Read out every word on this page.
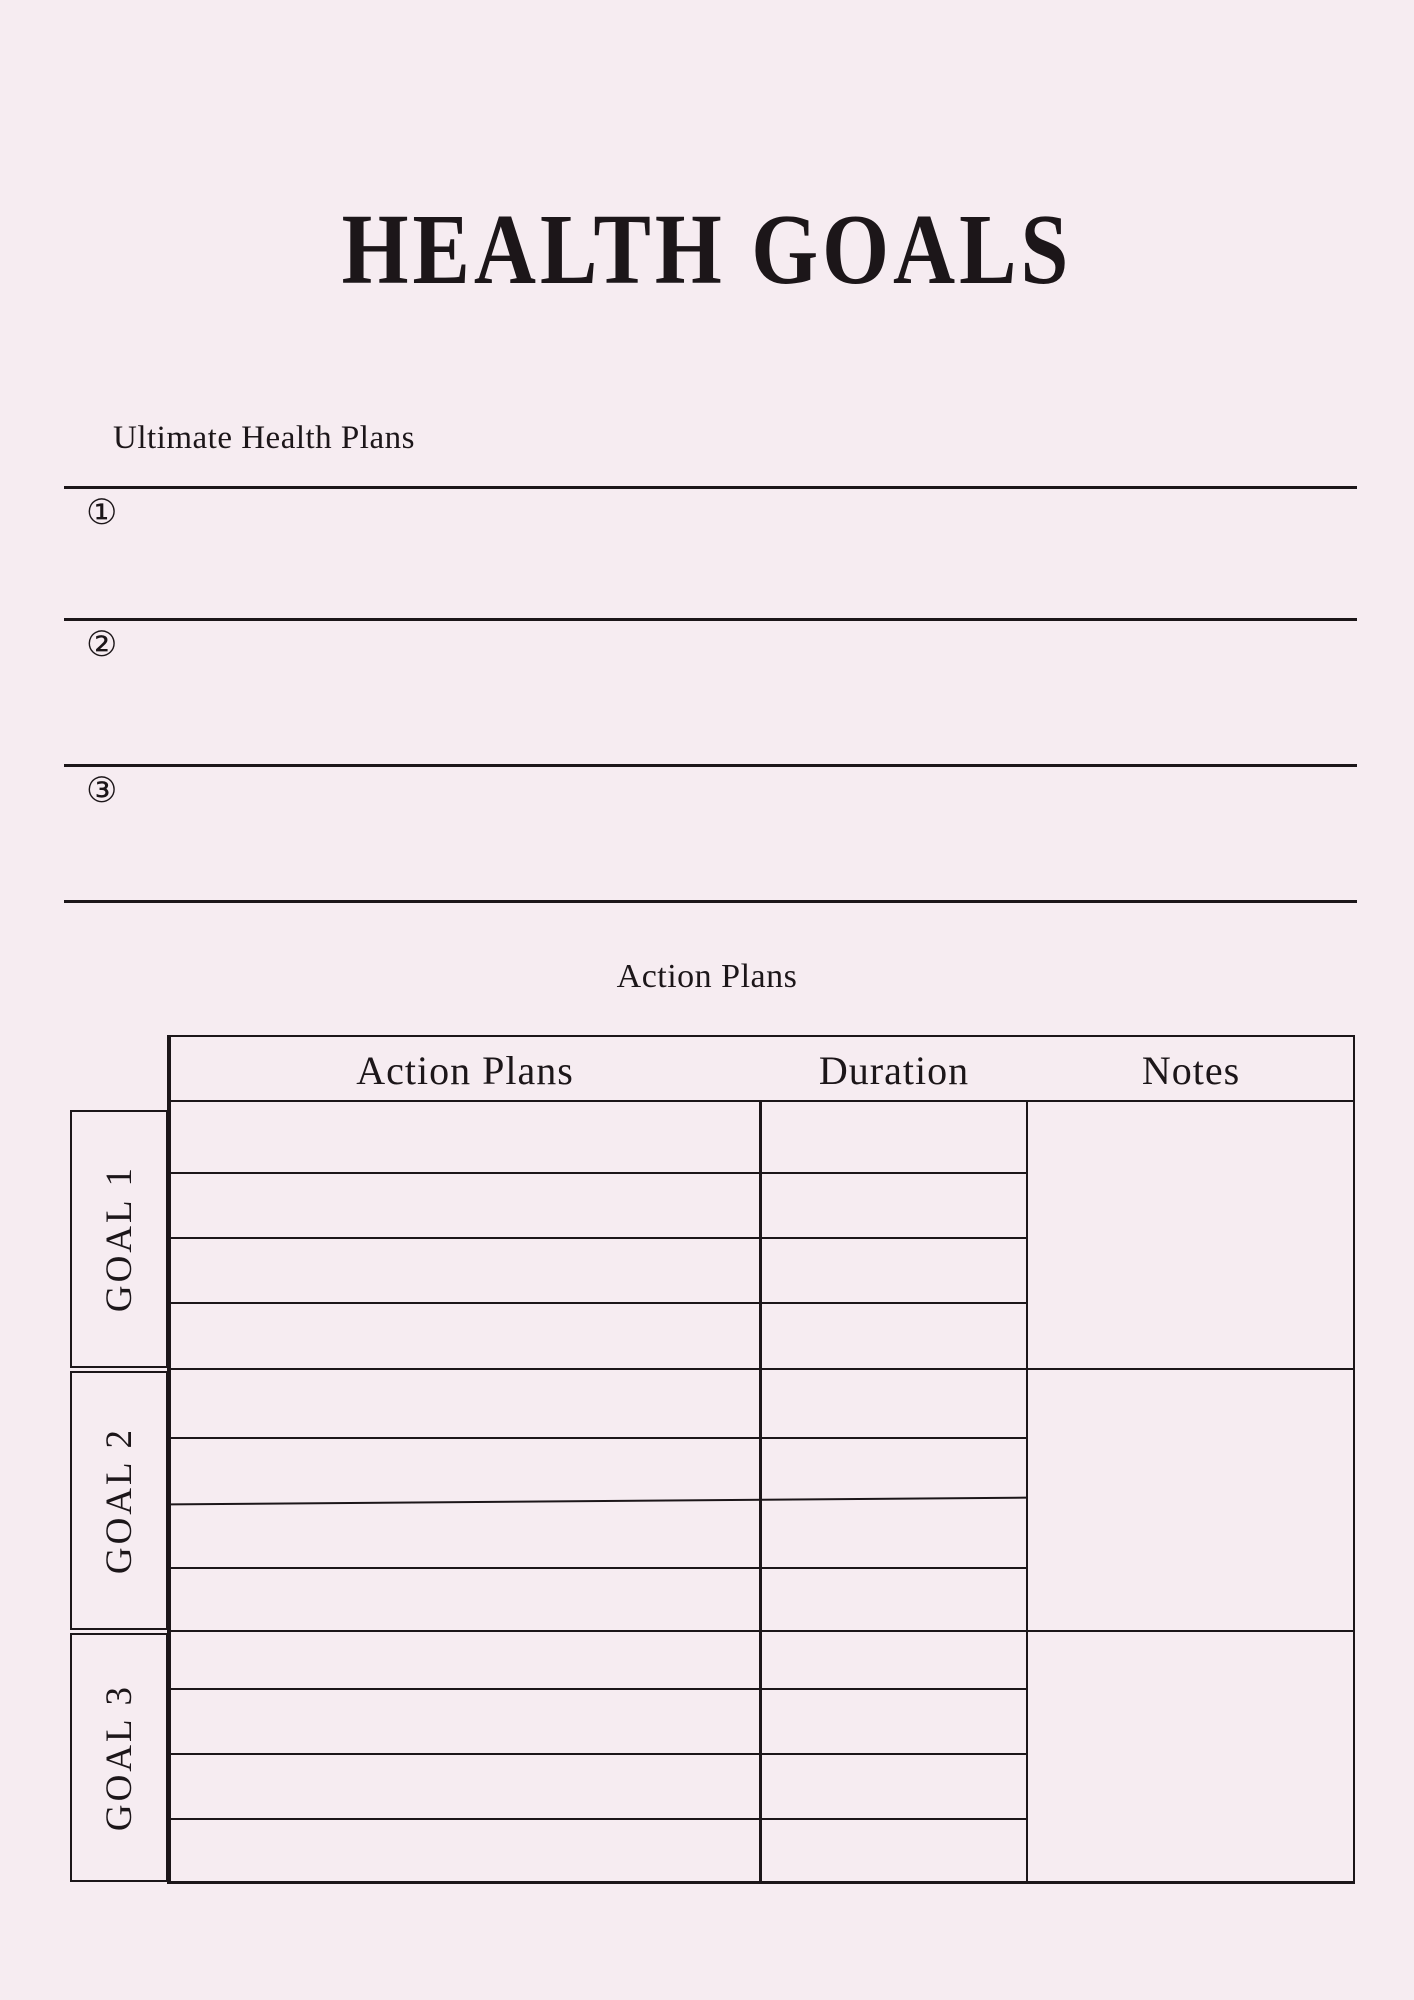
HEALTH GOALS
Ultimate Health Plans
①
②
③
Action Plans
Action Plans	Duration	Notes
GOAL 1
GOAL 2
GOAL 3
